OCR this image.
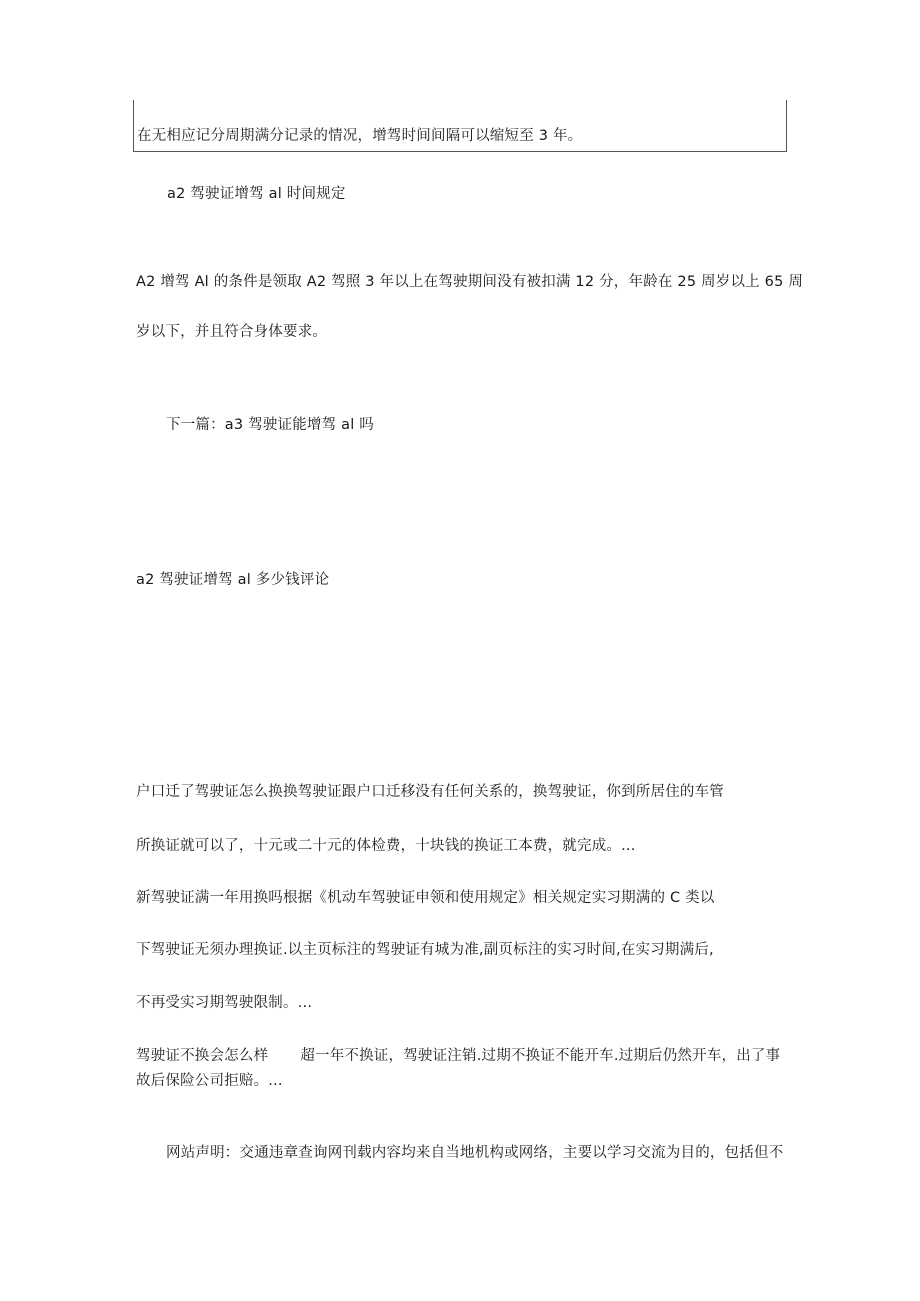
在无相应记分周期满分记录的情况，增驾时间间隔可以缩短至 3 年。
a2 驾驶证增驾 al 时间规定
A2 增驾 Al 的条件是领取 A2 驾照 3 年以上在驾驶期间没有被扣满 12 分，年龄在 25 周岁以上 65 周
岁以下，并且符合身体要求。
下一篇：a3 驾驶证能增驾 al 吗
a2 驾驶证增驾 al 多少钱评论
户口迁了驾驶证怎么换换驾驶证跟户口迁移没有任何关系的，换驾驶证，你到所居住的车管
所换证就可以了，十元或二十元的体检费，十块钱的换证工本费，就完成。...
新驾驶证满一年用换吗根据《机动车驾驶证申领和使用规定》相关规定实习期满的 C 类以
下驾驶证无须办理换证.以主页标注的驾驶证有城为准,副页标注的实习时间,在实习期满后,
不再受实习期驾驶限制。...
驾驶证不换会怎么样 超一年不换证，驾驶证注销.过期不换证不能开车.过期后仍然开车，出了事
故后保险公司拒赔。...
网站声明：交通违章查询网刊载内容均来自当地机构或网络，主要以学习交流为目的，包括但不
